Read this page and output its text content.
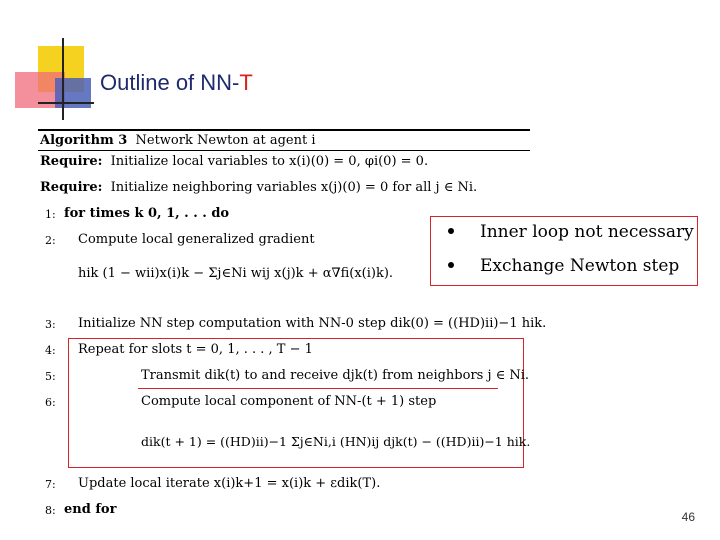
Outline of NN-T
Algorithm 3 Network Newton at agent i
Require: Initialize local variables to x(i)(0) = 0, φi(0) = 0.
Require: Initialize neighboring variables x(j)(0) = 0 for all j ∈ Ni.
1: for times k 0, 1, . . . do
2: Compute local generalized gradient
hik (1 − wii)x(i)k − Σj∈Ni wij x(j)k + α∇fi(x(i)k).
3: Initialize NN step computation with NN-0 step dik(0) = ((HD)ii)−1 hik.
4: Repeat for slots t = 0, 1, . . . , T − 1
5:	Transmit dik(t) to and receive djk(t) from neighbors j ∈ Ni.
6:	Compute local component of NN-(t + 1) step
dik(t + 1) = ((HD)ii)−1 Σj∈Ni,i (HN)ij djk(t) − ((HD)ii)−1 hik.
7: Update local iterate x(i)k+1 = x(i)k + εdik(T).
8: end for
Inner loop not necessary
Exchange Newton step
46
